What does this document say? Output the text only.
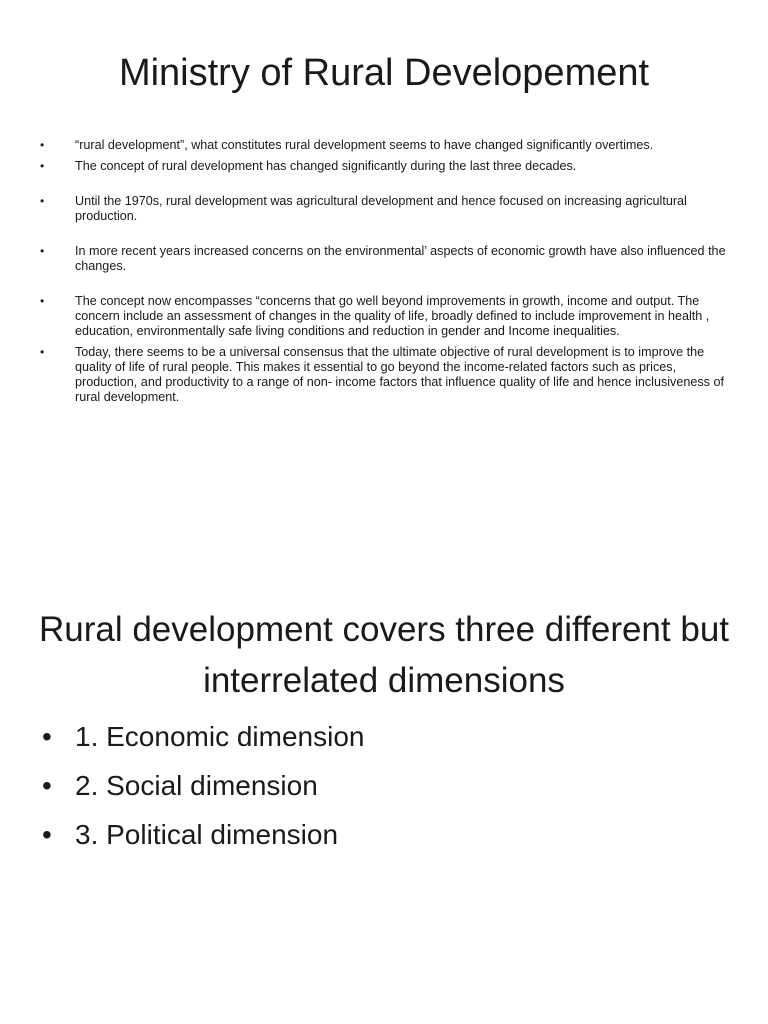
Ministry of Rural Developement
• “rural development”, what constitutes rural development seems to have changed significantly overtimes.
• The concept of rural development has changed significantly during the last three decades.
• Until the 1970s, rural development was agricultural development and hence focused on increasing agricultural production.
• In more recent years increased concerns on the environmental’ aspects of economic growth have also influenced the changes.
• The concept now encompasses “concerns that go well beyond improvements in growth, income and output. The concern include an assessment of changes in the quality of life, broadly defined to include improvement in health , education, environmentally safe living conditions and reduction in gender and Income inequalities.
• Today, there seems to be a universal consensus that the ultimate objective of rural development is to improve the quality of life of rural people. This makes it essential to go beyond the income-related factors such as prices, production, and productivity to a range of non- income factors that influence quality of life and hence inclusiveness of rural development.
Rural development covers three different but interrelated dimensions
• 1. Economic dimension
• 2. Social dimension
• 3. Political dimension
